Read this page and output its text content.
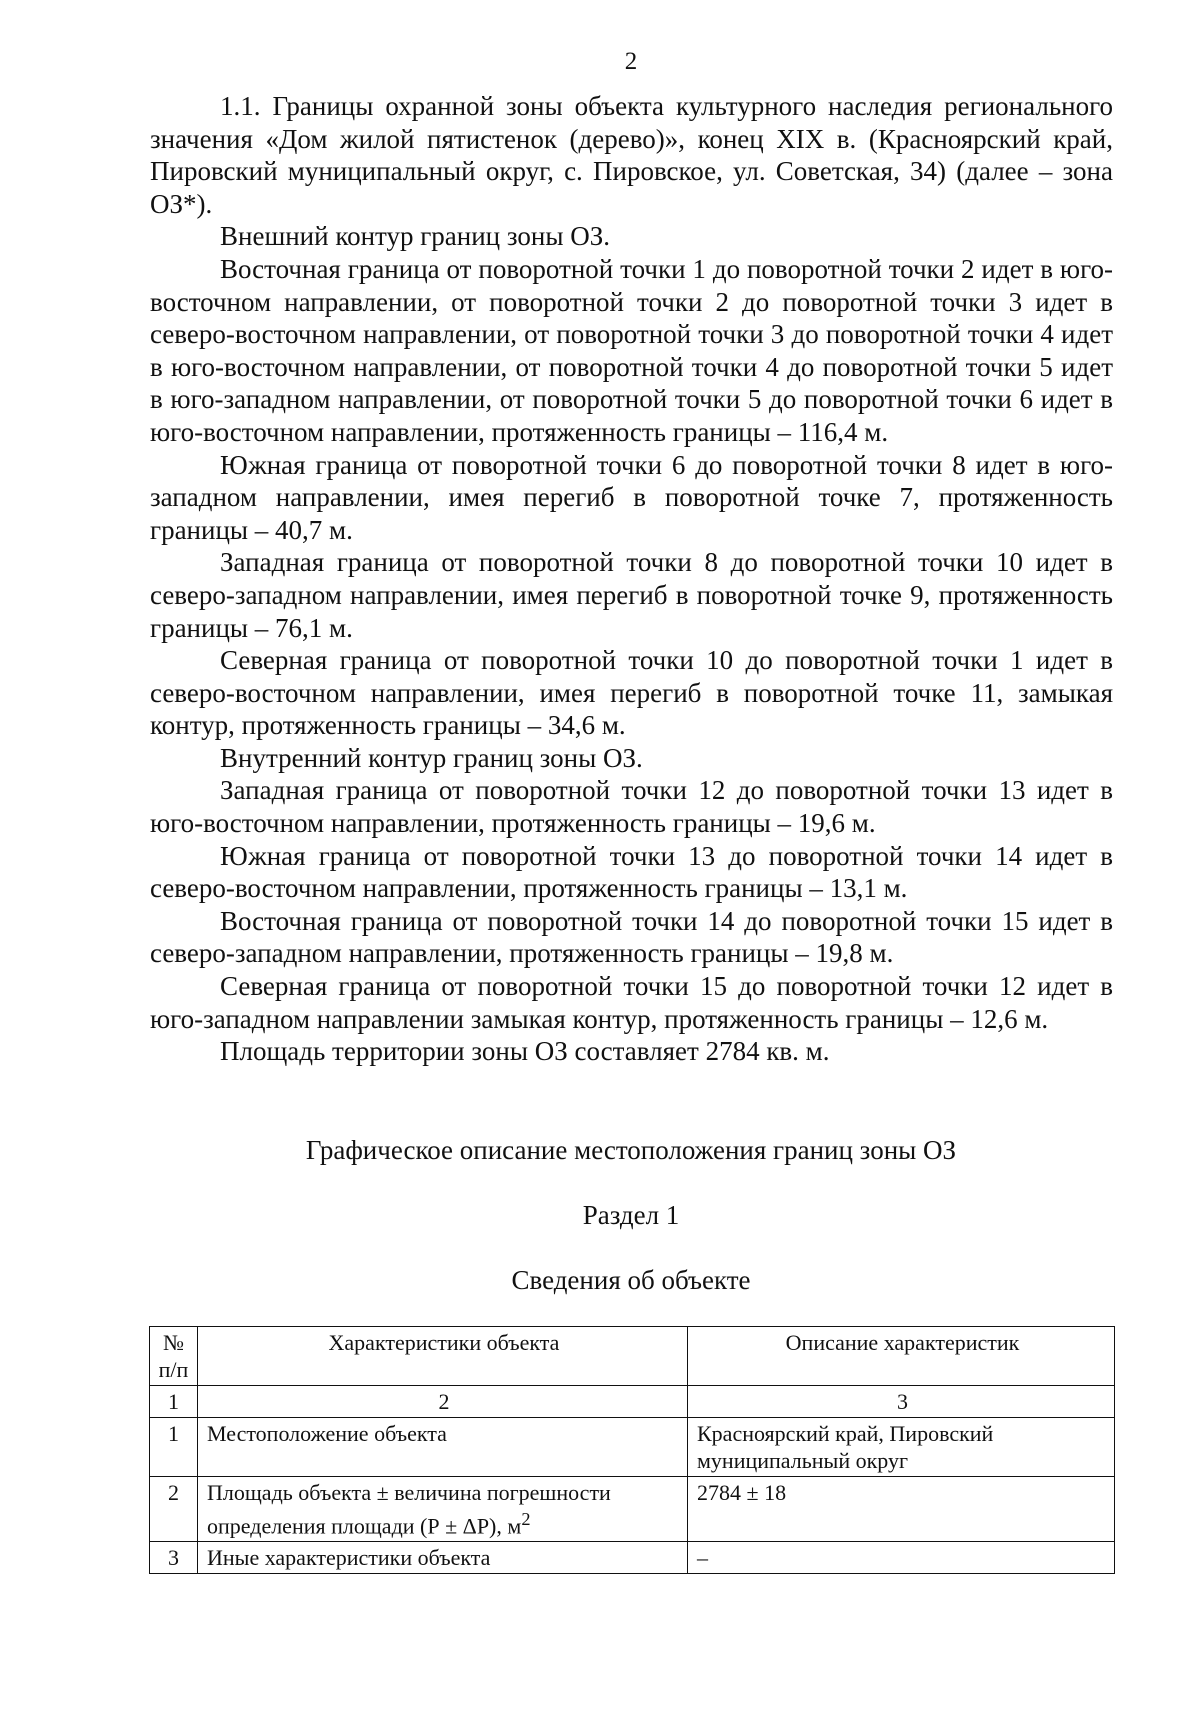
2

1.1. Границы охранной зоны объекта культурного наследия регионального значения «Дом жилой пятистенок (дерево)», конец XIX в. (Красноярский край, Пировский муниципальный округ, с. Пировское, ул. Советская, 34) (далее – зона ОЗ*).

Внешний контур границ зоны ОЗ.

Восточная граница от поворотной точки 1 до поворотной точки 2 идет в юго-восточном направлении, от поворотной точки 2 до поворотной точки 3 идет в северо-восточном направлении, от поворотной точки 3 до поворотной точки 4 идет в юго-восточном направлении, от поворотной точки 4 до поворотной точки 5 идет в юго-западном направлении, от поворотной точки 5 до поворотной точки 6 идет в юго-восточном направлении, протяженность границы – 116,4 м.

Южная граница от поворотной точки 6 до поворотной точки 8 идет в юго-западном направлении, имея перегиб в поворотной точке 7, протяженность границы – 40,7 м.

Западная граница от поворотной точки 8 до поворотной точки 10 идет в северо-западном направлении, имея перегиб в поворотной точке 9, протяженность границы – 76,1 м.

Северная граница от поворотной точки 10 до поворотной точки 1 идет в северо-восточном направлении, имея перегиб в поворотной точке 11, замыкая контур, протяженность границы – 34,6 м.

Внутренний контур границ зоны ОЗ.

Западная граница от поворотной точки 12 до поворотной точки 13 идет в юго-восточном направлении, протяженность границы – 19,6 м.

Южная граница от поворотной точки 13 до поворотной точки 14 идет в северо-восточном направлении, протяженность границы – 13,1 м.

Восточная граница от поворотной точки 14 до поворотной точки 15 идет в северо-западном направлении, протяженность границы – 19,8 м.

Северная граница от поворотной точки 15 до поворотной точки 12 идет в юго-западном направлении замыкая контур, протяженность границы – 12,6 м.

Площадь территории зоны ОЗ составляет 2784 кв. м.

Графическое описание местоположения границ зоны ОЗ
Раздел 1
Сведения об объекте
№ п/п	Характеристики объекта	Описание характеристик
1	2	3
1	Местоположение объекта	Красноярский край, Пировский муниципальный округ
2	Площадь объекта ± величина погрешности определения площади (Р ± ΔР), $м^2$	2784 ± 18
3	Иные характеристики объекта	–
